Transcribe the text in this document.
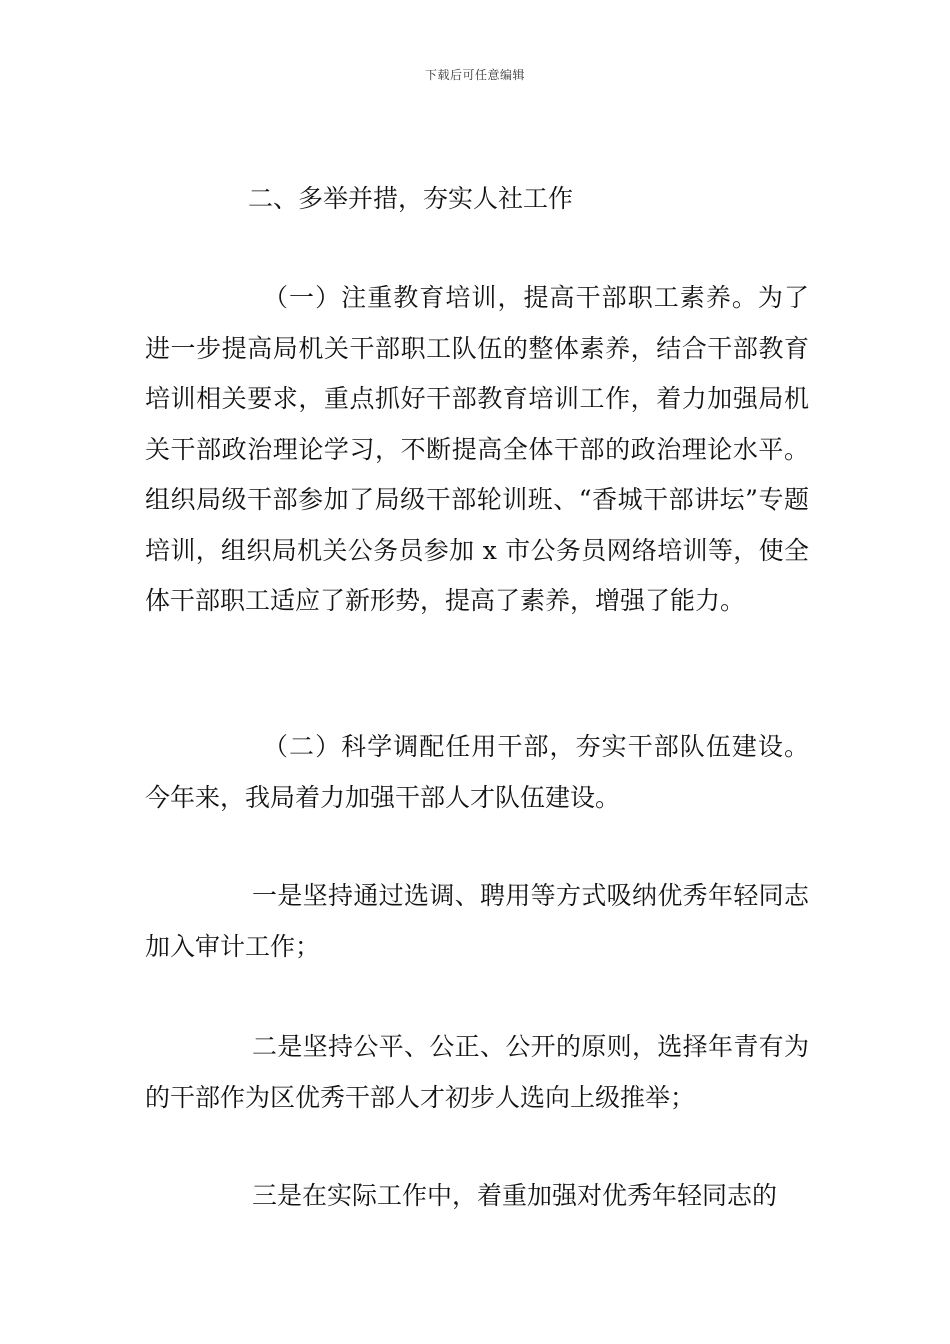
下载后可任意编辑

二、多举并措，夯实人社工作

（一）注重教育培训，提高干部职工素养。为了进一步提高局机关干部职工队伍的整体素养，结合干部教育培训相关要求，重点抓好干部教育培训工作，着力加强局机关干部政治理论学习，不断提高全体干部的政治理论水平。组织局级干部参加了局级干部轮训班、“香城干部讲坛”专题培训，组织局机关公务员参加 x 市公务员网络培训等，使全体干部职工适应了新形势，提高了素养，增强了能力。

（二）科学调配任用干部，夯实干部队伍建设。今年来，我局着力加强干部人才队伍建设。

一是坚持通过选调、聘用等方式吸纳优秀年轻同志加入审计工作；

二是坚持公平、公正、公开的原则，选择年青有为的干部作为区优秀干部人才初步人选向上级推举；

三是在实际工作中，着重加强对优秀年轻同志的
